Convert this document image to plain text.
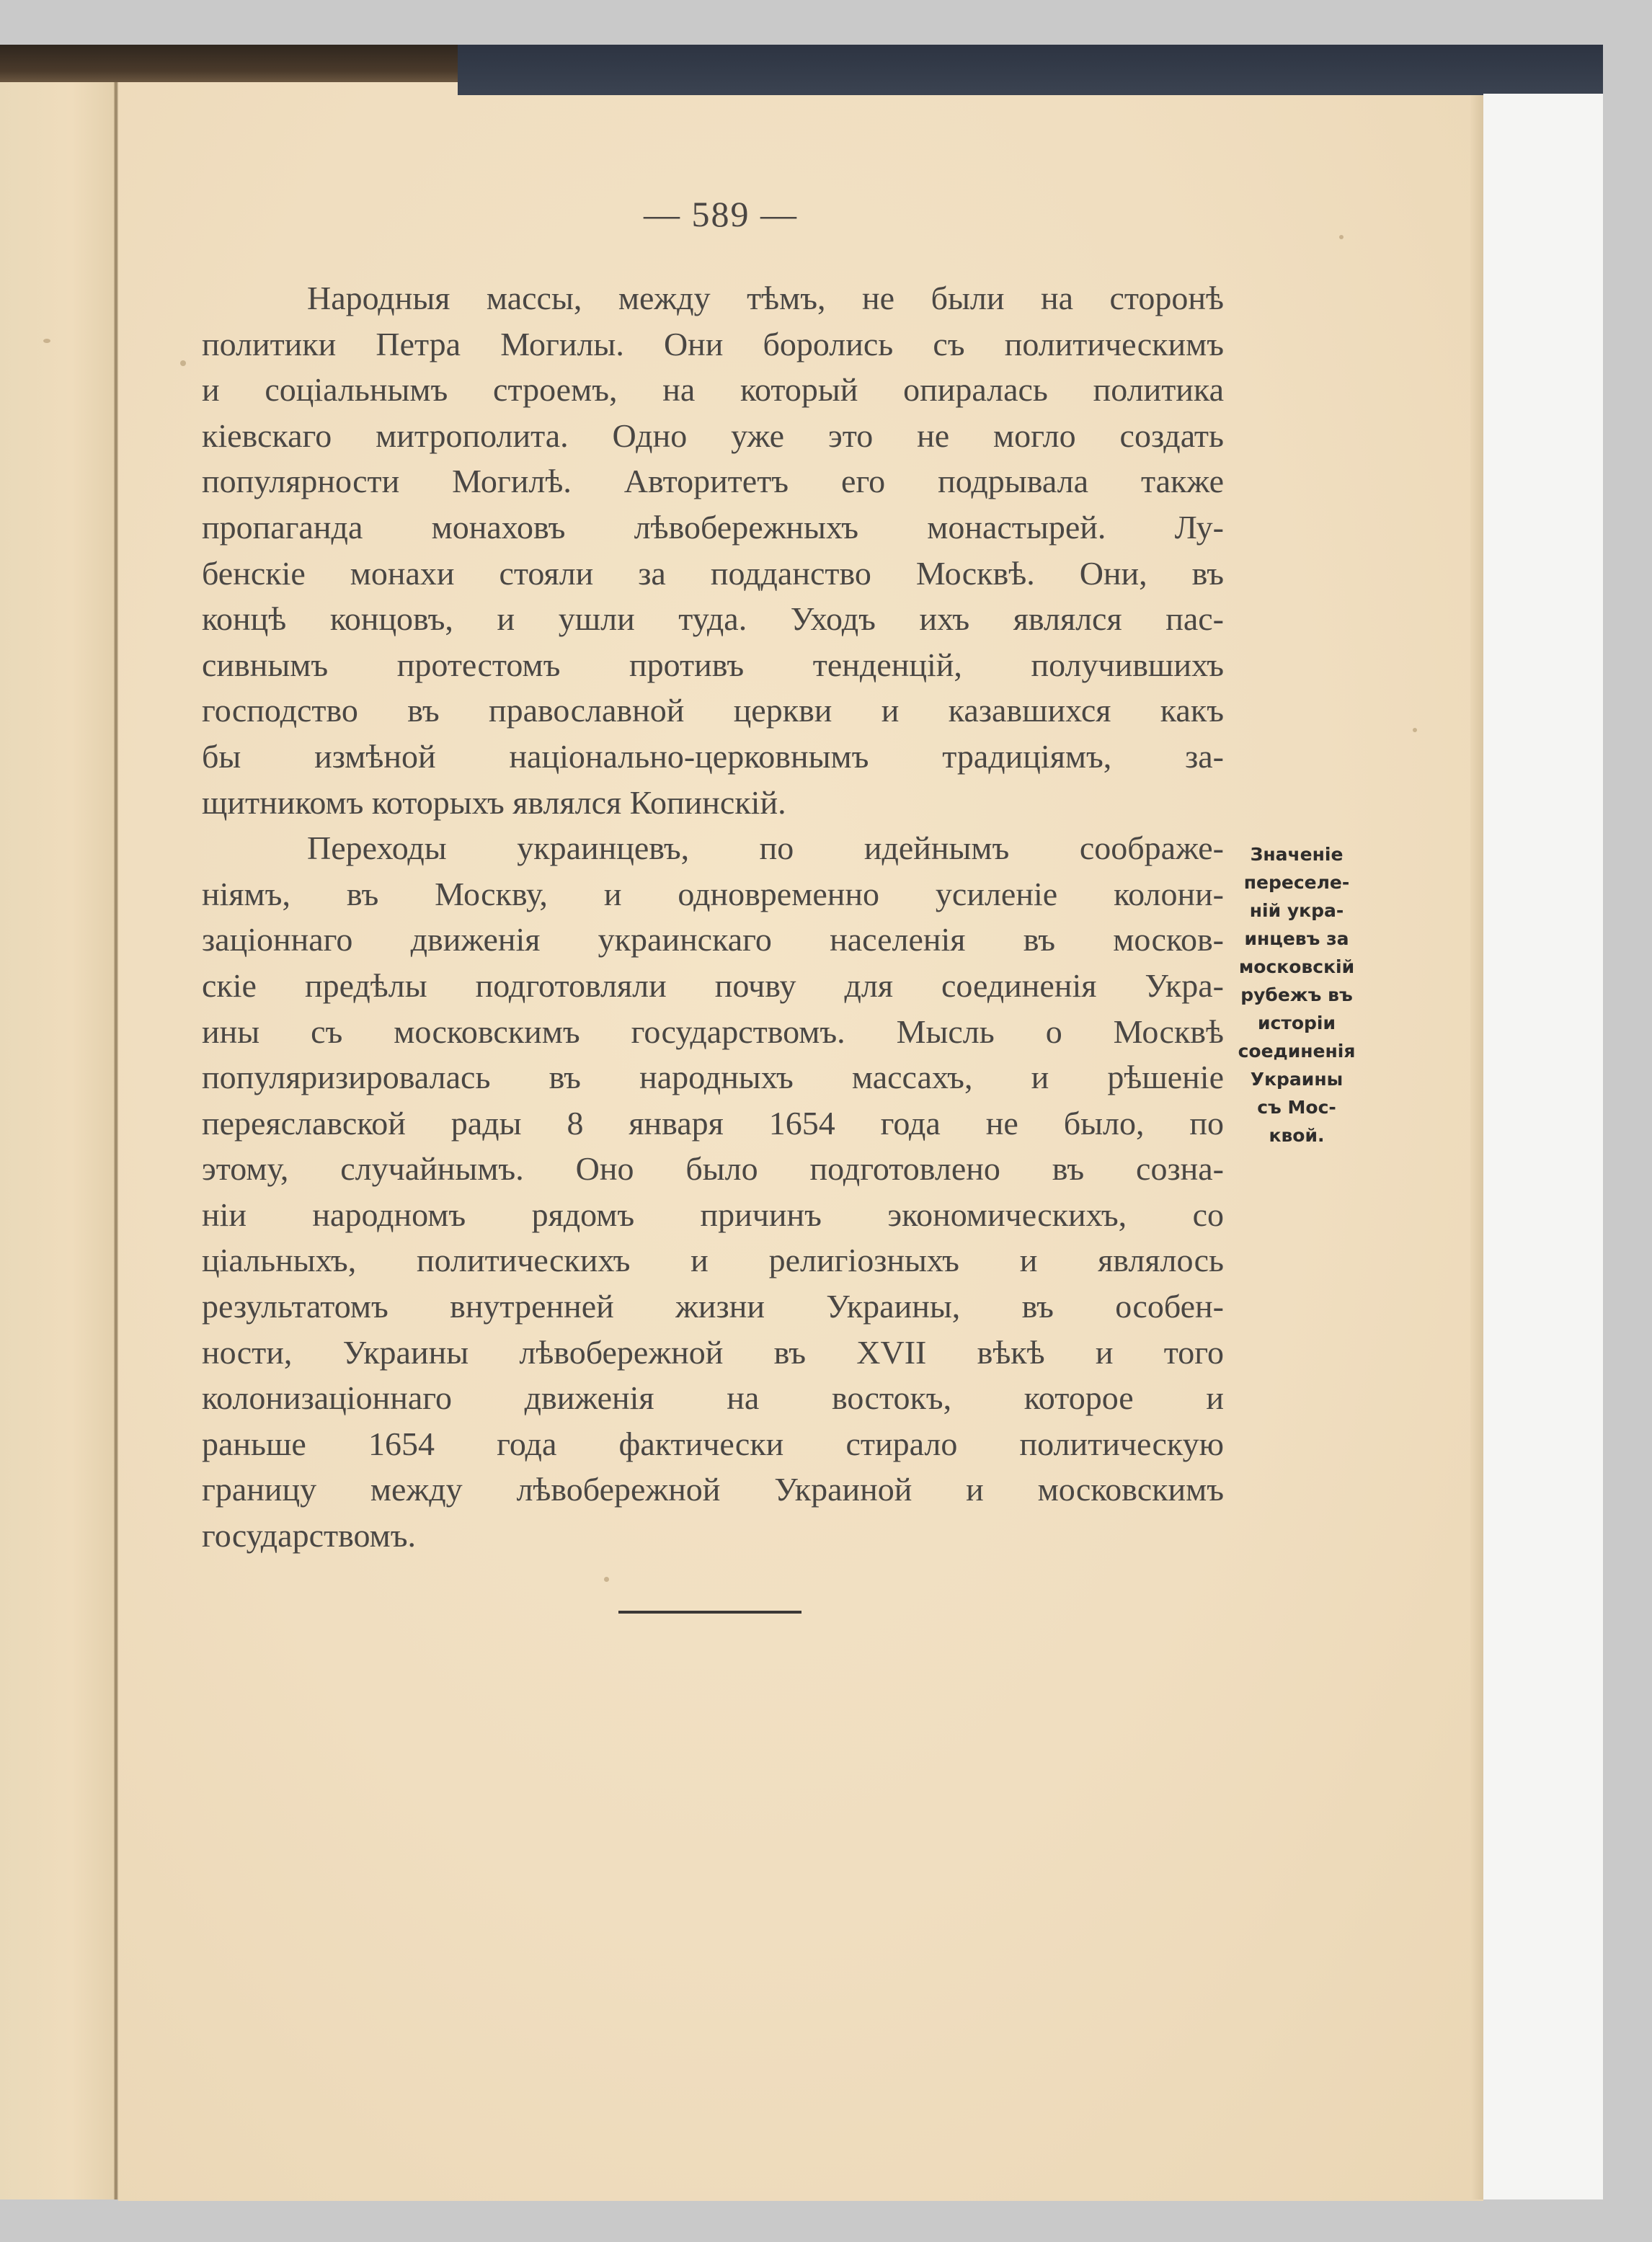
— 589 —
Народныя массы, между тѣмъ, не были на сторонѣ
политики Петра Могилы. Они боролись съ политическимъ
и соціальнымъ строемъ, на который опиралась политика
кіевскаго митрополита. Одно уже это не могло создать
популярности Могилѣ. Авторитетъ его подрывала также
пропаганда монаховъ лѣвобережныхъ монастырей. Лу-
бенскіе монахи стояли за подданство Москвѣ. Они, въ
концѣ концовъ, и ушли туда. Уходъ ихъ являлся пас-
сивнымъ протестомъ противъ тенденцій, получившихъ
господство въ православной церкви и казавшихся какъ
бы измѣной національно-церковнымъ традиціямъ, за-
щитникомъ которыхъ являлся Копинскій.
Переходы украинцевъ, по идейнымъ соображе-
ніямъ, въ Москву, и одновременно усиленіе колони-
заціоннаго движенія украинскаго населенія въ москов-
скіе предѣлы подготовляли почву для соединенія Укра-
ины съ московскимъ государствомъ. Мысль о Москвѣ
популяризировалась въ народныхъ массахъ, и рѣшеніе
переяславской рады 8 января 1654 года не было, по
этому, случайнымъ. Оно было подготовлено въ созна-
ніи народномъ рядомъ причинъ экономическихъ, со
ціальныхъ, политическихъ и религіозныхъ и являлось
результатомъ внутренней жизни Украины, въ особен-
ности, Украины лѣвобережной въ XVII вѣкѣ и того
колонизаціоннаго движенія на востокъ, которое и
раньше 1654 года фактически стирало политическую
границу между лѣвобережной Украиной и московскимъ
государствомъ.
Значеніе
переселе-
ній укра-
инцевъ за
московскій
рубежъ въ
исторіи
соединенія
Украины
съ Мос-
квой.
